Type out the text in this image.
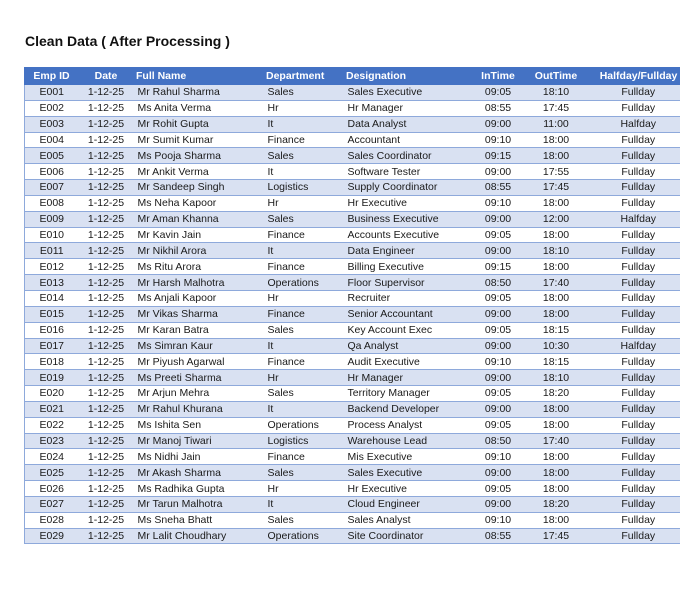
Clean Data ( After Processing )
Emp ID	Date	Full Name	Department	Designation	InTime	OutTime	Halfday/Fullday
E001	1-12-25	Mr Rahul Sharma	Sales	Sales Executive	09:05	18:10	Fullday
E002	1-12-25	Ms Anita Verma	Hr	Hr Manager	08:55	17:45	Fullday
E003	1-12-25	Mr Rohit Gupta	It	Data Analyst	09:00	11:00	Halfday
E004	1-12-25	Mr Sumit Kumar	Finance	Accountant	09:10	18:00	Fullday
E005	1-12-25	Ms Pooja Sharma	Sales	Sales Coordinator	09:15	18:00	Fullday
E006	1-12-25	Mr Ankit Verma	It	Software Tester	09:00	17:55	Fullday
E007	1-12-25	Mr Sandeep Singh	Logistics	Supply Coordinator	08:55	17:45	Fullday
E008	1-12-25	Ms Neha Kapoor	Hr	Hr Executive	09:10	18:00	Fullday
E009	1-12-25	Mr Aman Khanna	Sales	Business Executive	09:00	12:00	Halfday
E010	1-12-25	Mr Kavin Jain	Finance	Accounts Executive	09:05	18:00	Fullday
E011	1-12-25	Mr Nikhil Arora	It	Data Engineer	09:00	18:10	Fullday
E012	1-12-25	Ms Ritu Arora	Finance	Billing Executive	09:15	18:00	Fullday
E013	1-12-25	Mr Harsh Malhotra	Operations	Floor Supervisor	08:50	17:40	Fullday
E014	1-12-25	Ms Anjali Kapoor	Hr	Recruiter	09:05	18:00	Fullday
E015	1-12-25	Mr Vikas Sharma	Finance	Senior Accountant	09:00	18:00	Fullday
E016	1-12-25	Mr Karan Batra	Sales	Key Account Exec	09:05	18:15	Fullday
E017	1-12-25	Ms Simran Kaur	It	Qa Analyst	09:00	10:30	Halfday
E018	1-12-25	Mr Piyush Agarwal	Finance	Audit Executive	09:10	18:15	Fullday
E019	1-12-25	Ms Preeti Sharma	Hr	Hr Manager	09:00	18:10	Fullday
E020	1-12-25	Mr Arjun Mehra	Sales	Territory Manager	09:05	18:20	Fullday
E021	1-12-25	Mr Rahul Khurana	It	Backend Developer	09:00	18:00	Fullday
E022	1-12-25	Ms Ishita Sen	Operations	Process Analyst	09:05	18:00	Fullday
E023	1-12-25	Mr Manoj Tiwari	Logistics	Warehouse Lead	08:50	17:40	Fullday
E024	1-12-25	Ms Nidhi Jain	Finance	Mis Executive	09:10	18:00	Fullday
E025	1-12-25	Mr Akash Sharma	Sales	Sales Executive	09:00	18:00	Fullday
E026	1-12-25	Ms Radhika Gupta	Hr	Hr Executive	09:05	18:00	Fullday
E027	1-12-25	Mr Tarun Malhotra	It	Cloud Engineer	09:00	18:20	Fullday
E028	1-12-25	Ms Sneha Bhatt	Sales	Sales Analyst	09:10	18:00	Fullday
E029	1-12-25	Mr Lalit Choudhary	Operations	Site Coordinator	08:55	17:45	Fullday
